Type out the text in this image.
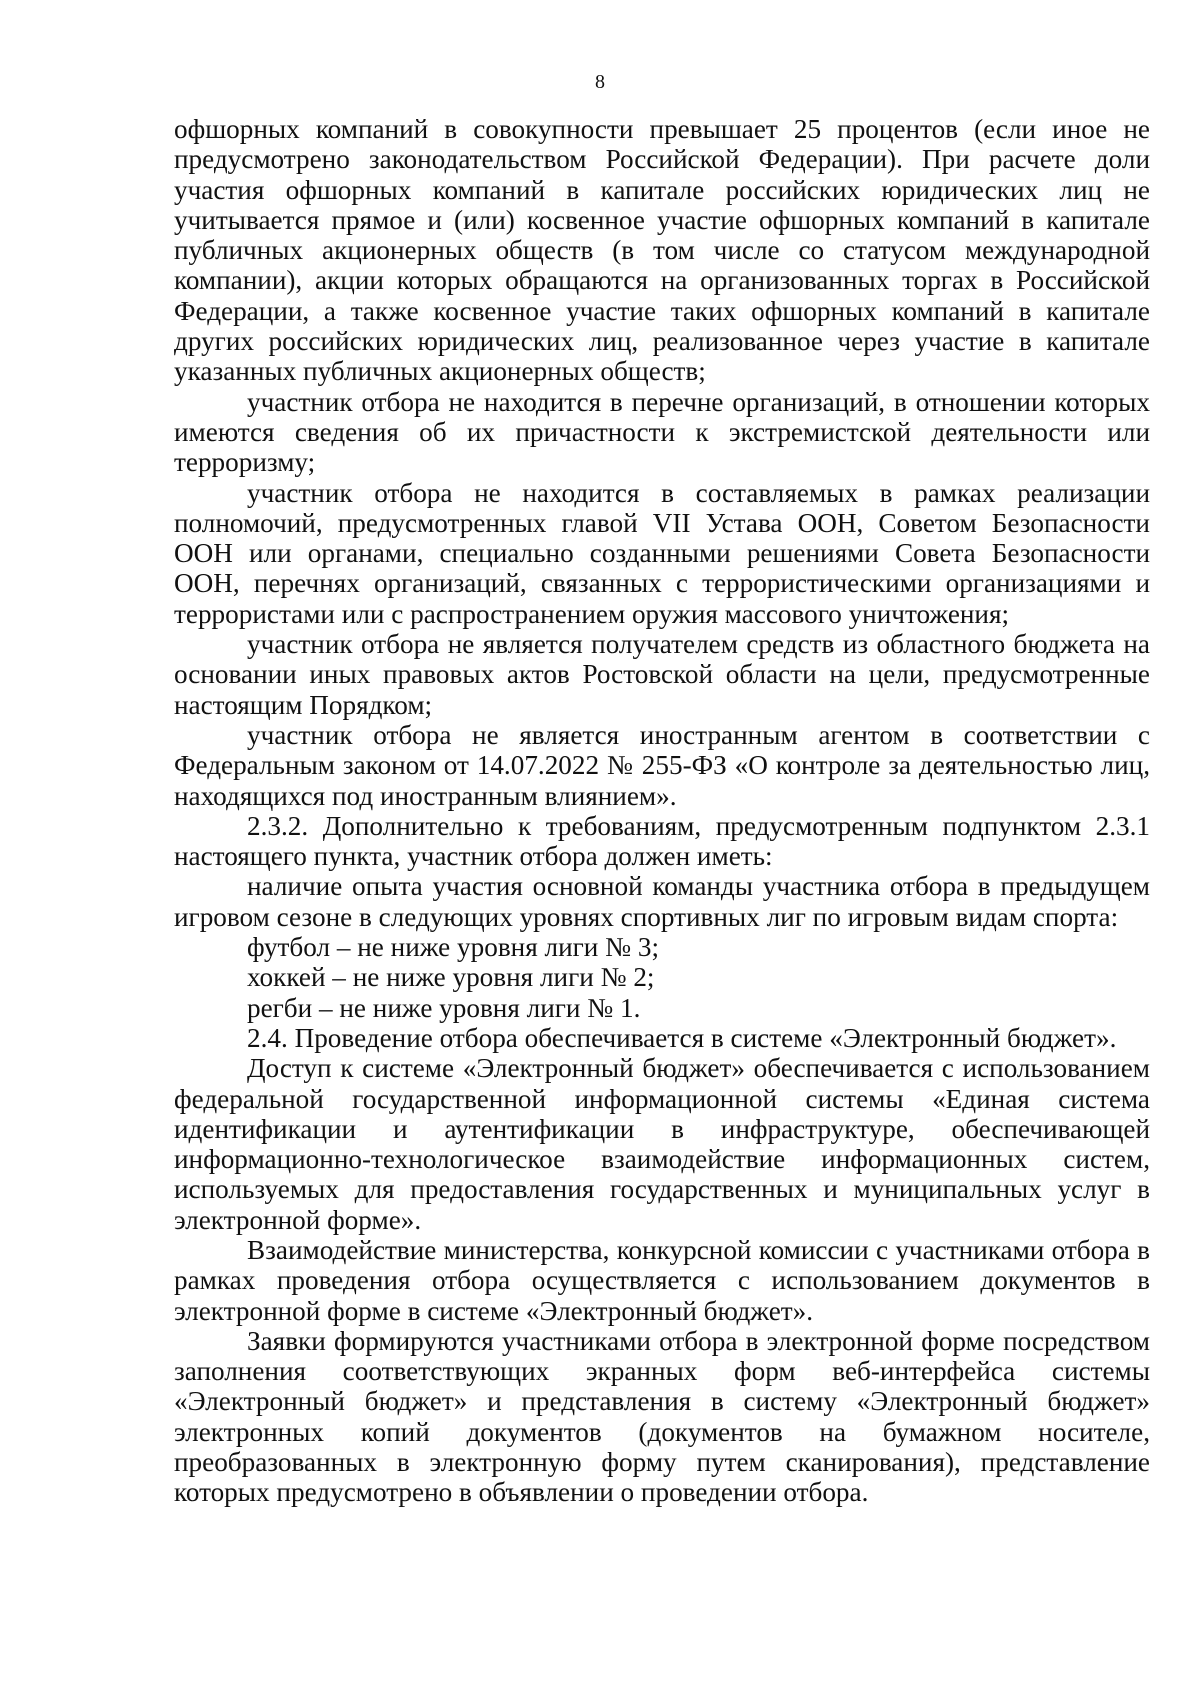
8

офшорных компаний в совокупности превышает 25 процентов (если иное не предусмотрено законодательством Российской Федерации). При расчете доли участия офшорных компаний в капитале российских юридических лиц не учитывается прямое и (или) косвенное участие офшорных компаний в капитале публичных акционерных обществ (в том числе со статусом международной компании), акции которых обращаются на организованных торгах в Российской Федерации, а также косвенное участие таких офшорных компаний в капитале других российских юридических лиц, реализованное через участие в капитале указанных публичных акционерных обществ;

участник отбора не находится в перечне организаций, в отношении которых имеются сведения об их причастности к экстремистской деятельности или терроризму;

участник отбора не находится в составляемых в рамках реализации полномочий, предусмотренных главой VII Устава ООН, Советом Безопасности ООН или органами, специально созданными решениями Совета Безопасности ООН, перечнях организаций, связанных с террористическими организациями и террористами или с распространением оружия массового уничтожения;

участник отбора не является получателем средств из областного бюджета на основании иных правовых актов Ростовской области на цели, предусмотренные настоящим Порядком;

участник отбора не является иностранным агентом в соответствии с Федеральным законом от 14.07.2022 № 255-ФЗ «О контроле за деятельностью лиц, находящихся под иностранным влиянием».

2.3.2. Дополнительно к требованиям, предусмотренным подпунктом 2.3.1 настоящего пункта, участник отбора должен иметь:

наличие опыта участия основной команды участника отбора в предыдущем игровом сезоне в следующих уровнях спортивных лиг по игровым видам спорта:

футбол – не ниже уровня лиги № 3;

хоккей – не ниже уровня лиги № 2;

регби – не ниже уровня лиги № 1.

2.4. Проведение отбора обеспечивается в системе «Электронный бюджет».

Доступ к системе «Электронный бюджет» обеспечивается с использованием федеральной государственной информационной системы «Единая система идентификации и аутентификации в инфраструктуре, обеспечивающей информационно-технологическое взаимодействие информационных систем, используемых для предоставления государственных и муниципальных услуг в электронной форме».

Взаимодействие министерства, конкурсной комиссии с участниками отбора в рамках проведения отбора осуществляется с использованием документов в электронной форме в системе «Электронный бюджет».

Заявки формируются участниками отбора в электронной форме посредством заполнения соответствующих экранных форм веб-интерфейса системы «Электронный бюджет» и представления в систему «Электронный бюджет» электронных копий документов (документов на бумажном носителе, преобразованных в электронную форму путем сканирования), представление которых предусмотрено в объявлении о проведении отбора.
